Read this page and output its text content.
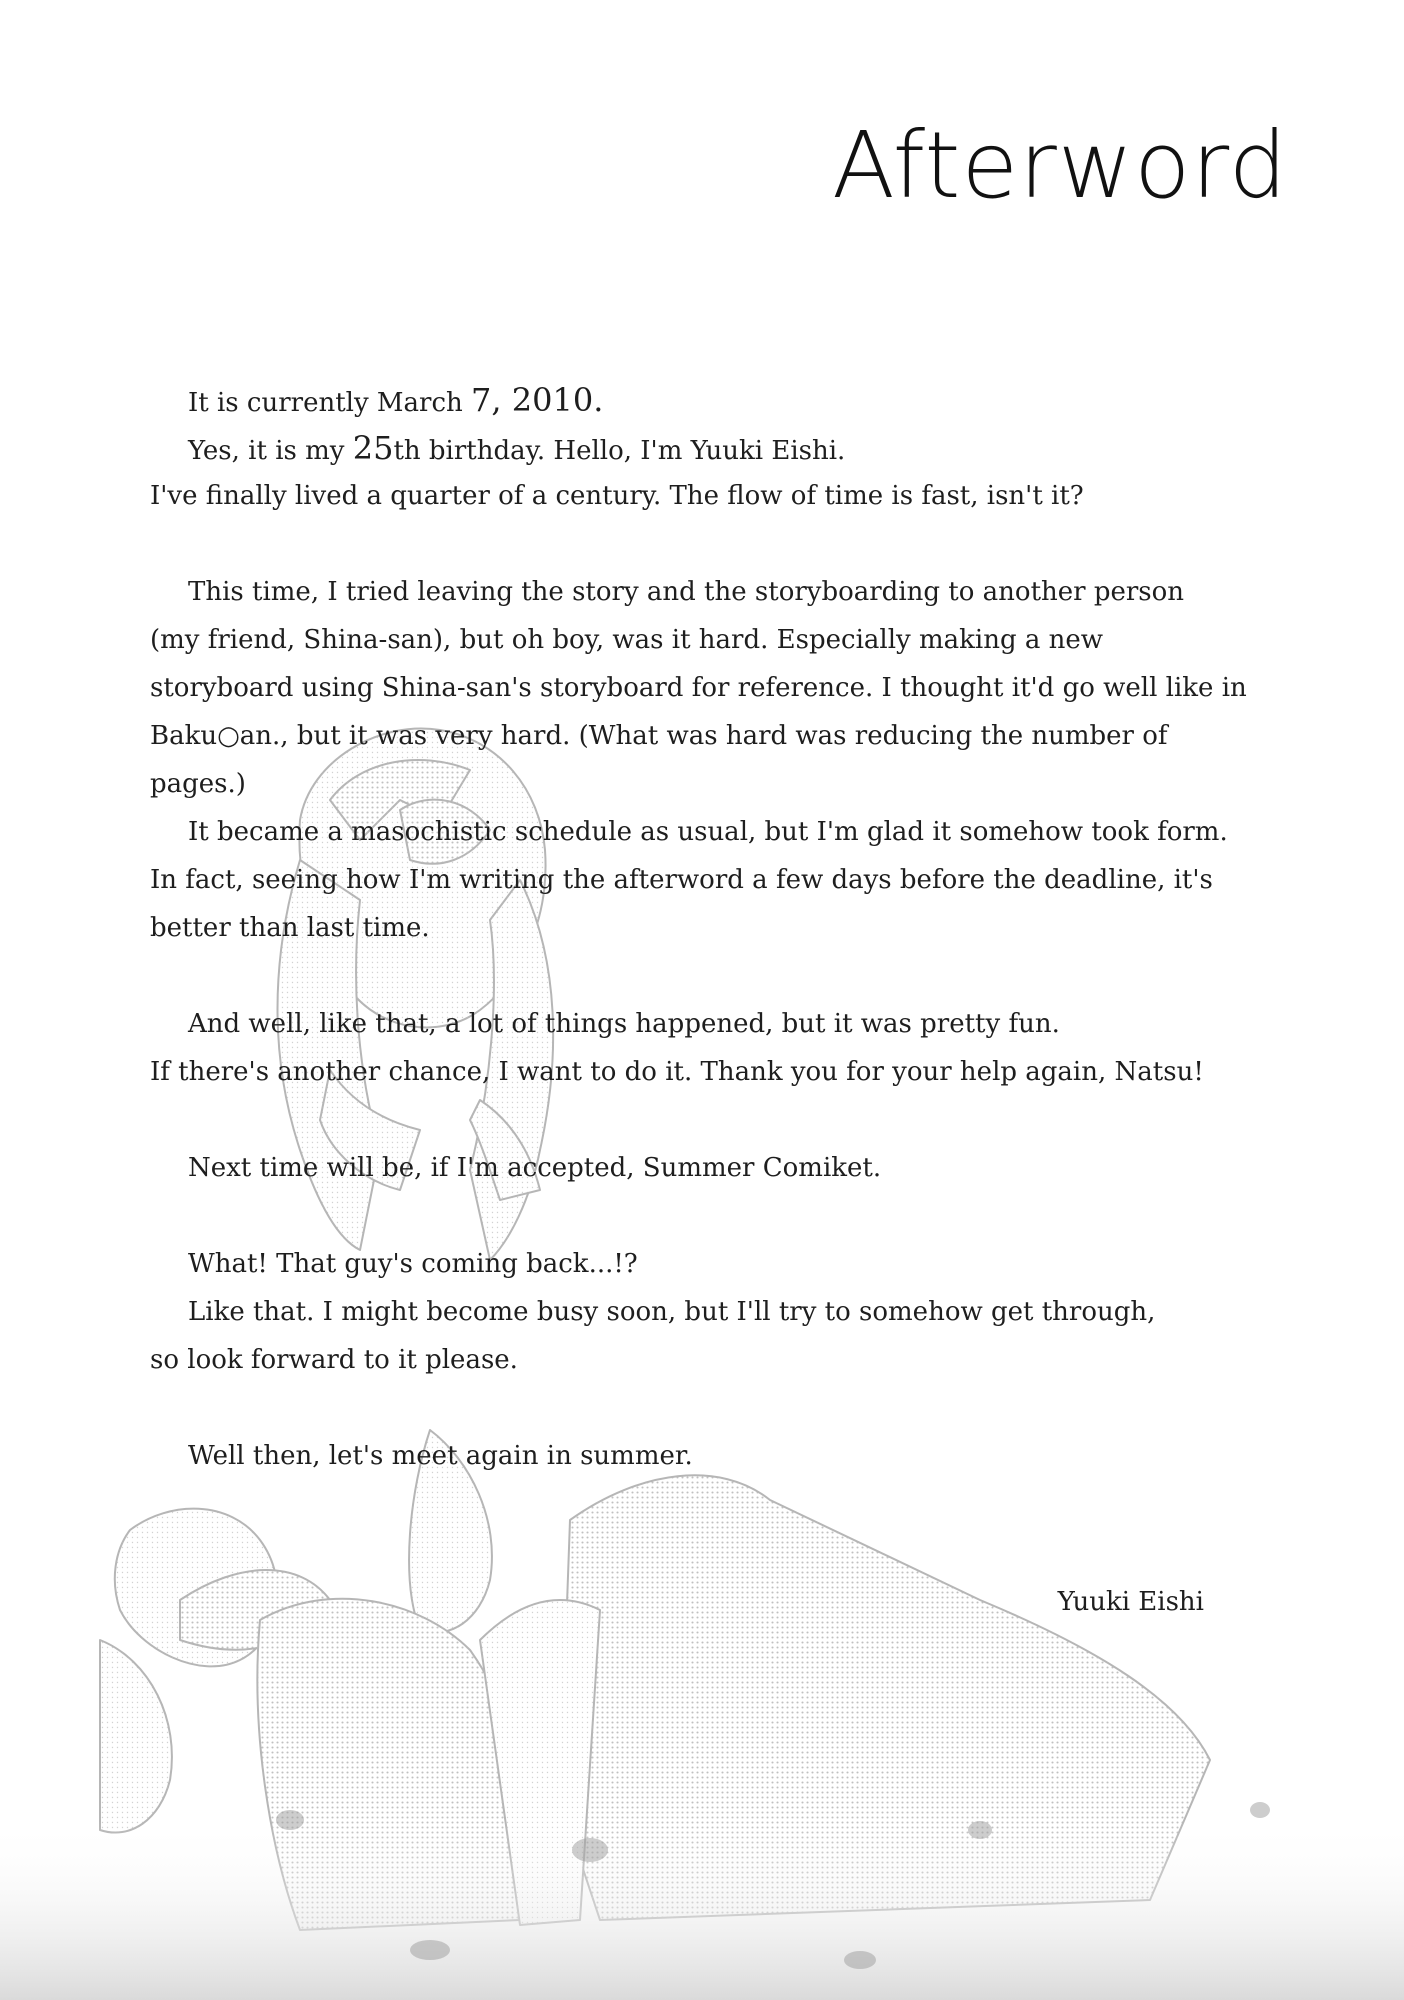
Afterword
It is currently March 7, 2010.
Yes, it is my 25th birthday. Hello, I'm Yuuki Eishi.
I've finally lived a quarter of a century. The flow of time is fast, isn't it?
This time, I tried leaving the story and the storyboarding to another person
(my friend, Shina-san), but oh boy, was it hard. Especially making a new
storyboard using Shina-san's storyboard for reference. I thought it'd go well like in
Baku○an., but it was very hard. (What was hard was reducing the number of
pages.)
It became a masochistic schedule as usual, but I'm glad it somehow took form.
In fact, seeing how I'm writing the afterword a few days before the deadline, it's
better than last time.
And well, like that, a lot of things happened, but it was pretty fun.
If there's another chance, I want to do it. Thank you for your help again, Natsu!
Next time will be, if I'm accepted, Summer Comiket.
What! That guy's coming back...!?
Like that. I might become busy soon, but I'll try to somehow get through,
so look forward to it please.
Well then, let's meet again in summer.
Yuuki Eishi
